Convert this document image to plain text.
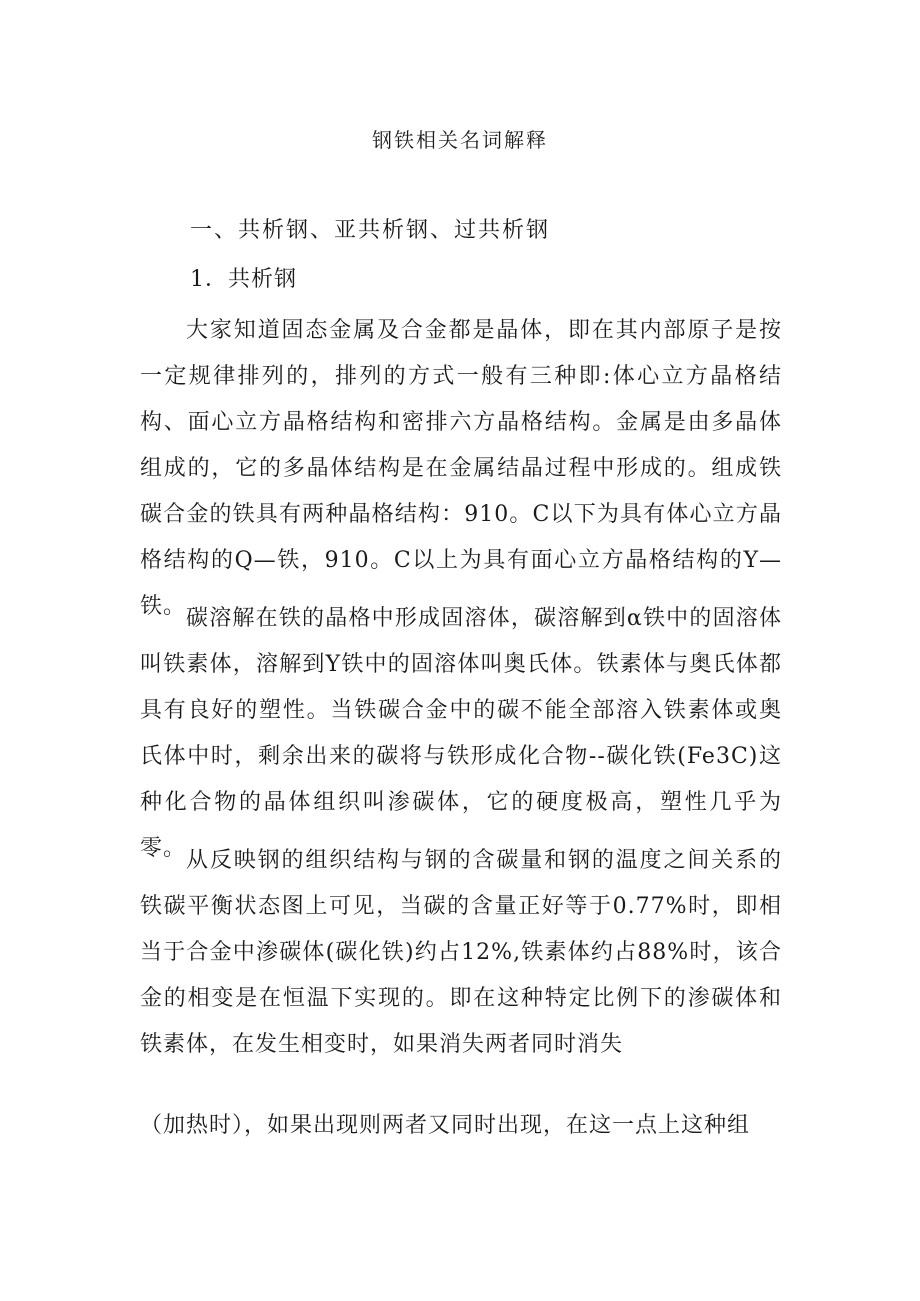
钢铁相关名词解释
一、共析钢、亚共析钢、过共析钢
1．共析钢

大家知道固态金属及合金都是晶体，即在其内部原子是按一定规律排列的，排列的方式一般有三种即:体心立方晶格结构、面心立方晶格结构和密排六方晶格结构。金属是由多晶体组成的，它的多晶体结构是在金属结晶过程中形成的。组成铁碳合金的铁具有两种晶格结构：910。C以下为具有体心立方晶格结构的Q—铁，910。C以上为具有面心立方晶格结构的Y—铁。 碳溶解在铁的晶格中形成固溶体，碳溶解到α铁中的固溶体叫铁素体，溶解到Y铁中的固溶体叫奥氏体。铁素体与奥氏体都具有良好的塑性。当铁碳合金中的碳不能全部溶入铁素体或奥氏体中时，剩余出来的碳将与铁形成化合物--碳化铁(Fe3C)这种化合物的晶体组织叫渗碳体，它的硬度极高，塑性几乎为零。 从反映钢的组织结构与钢的含碳量和钢的温度之间关系的铁碳平衡状态图上可见，当碳的含量正好等于0.77%时，即相当于合金中渗碳体(碳化铁)约占12%,铁素体约占88%时，该合金的相变是在恒温下实现的。即在这种特定比例下的渗碳体和铁素体，在发生相变时，如果消失两者同时消失

（加热时），如果出现则两者又同时出现，在这一点上这种组
